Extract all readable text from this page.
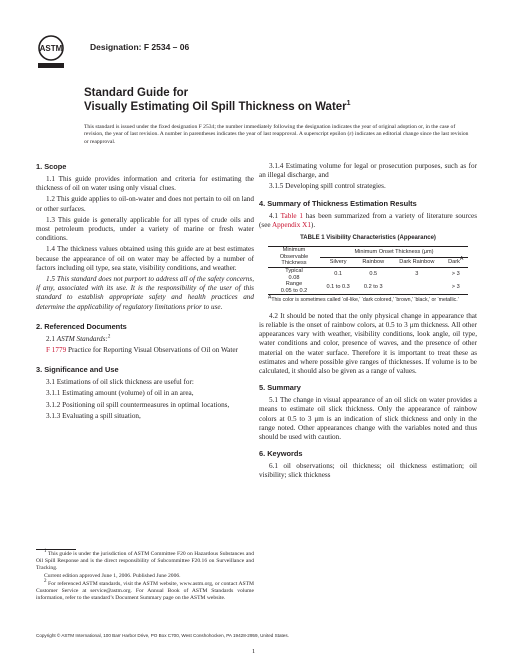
ASTM	Designation: F 2534 – 06
Standard Guide for
Visually Estimating Oil Spill Thickness on Water$^1$
This standard is issued under the fixed designation F 2534; the number immediately following the designation indicates the year of original adoption or, in the case of revision, the year of last revision. A number in parentheses indicates the year of last reapproval. A superscript epsilon (ε) indicates an editorial change since the last revision or reapproval.
1. Scope

1.1 This guide provides information and criteria for estimating the thickness of oil on water using only visual clues.

1.2 This guide applies to oil-on-water and does not pertain to oil on land or other surfaces.

1.3 This guide is generally applicable for all types of crude oils and most petroleum products, under a variety of marine or fresh water conditions.

1.4 The thickness values obtained using this guide are at best estimates because the appearance of oil on water may be affected by a number of factors including oil type, sea state, visibility conditions, and weather.

1.5 This standard does not purport to address all of the safety concerns, if any, associated with its use. It is the responsibility of the user of this standard to establish appropriate safety and health practices and determine the applicability of regulatory limitations prior to use.

2. Referenced Documents

2.1 ASTM Standards:$^2$

F 1779 Practice for Reporting Visual Observations of Oil on Water

3. Significance and Use

3.1 Estimations of oil slick thickness are useful for:

3.1.1 Estimating amount (volume) of oil in an area,

3.1.2 Positioning oil spill countermeasures in optimal locations,

3.1.3 Evaluating a spill situation,

$^1$ This guide is under the jurisdiction of ASTM Committee F20 on Hazardous Substances and Oil Spill Response and is the direct responsibility of Subcommittee F20.16 on Surveillance and Tracking.

Current edition approved June 1, 2006. Published June 2006.

$^2$ For referenced ASTM standards, visit the ASTM website, www.astm.org, or contact ASTM Customer Service at service@astm.org. For Annual Book of ASTM Standards volume information, refer to the standard’s Document Summary page on the ASTM website.

3.1.4 Estimating volume for legal or prosecution purposes, such as for an illegal discharge, and

3.1.5 Developing spill control strategies.

4. Summary of Thickness Estimation Results

4.1 Table 1 has been summarized from a variety of literature sources (see Appendix X1).

TABLE 1 Visibility Characteristics (Appearance)
Minimum Observable Thickness	Minimum Onset Thickness (μm)			
	Silvery	Rainbow	Dark Rainbow	Dark$^A$
Typical
0.08	0.1	0.5	3	> 3
Range
0.05 to 0.2	0.1 to 0.3	0.2 to 3		> 3

$^A$This color is sometimes called ‘oil-like,’ ‘dark colored,’ ‘brown,’ ‘black,’ or ‘metallic.’

4.2 It should be noted that the only physical change in appearance that is reliable is the onset of rainbow colors, at 0.5 to 3 μm thickness. All other appearances vary with weather, visibility conditions, look angle, oil type, water conditions and color, presence of waves, and the presence of other material on the water surface. Therefore it is important to treat these as estimates and where possible give ranges of thicknesses. If volume is to be calculated, it should also be given as a range of values.

5. Summary

5.1 The change in visual appearance of an oil slick on water provides a means to estimate oil slick thickness. Only the appearance of rainbow colors at 0.5 to 3 μm is an indication of slick thickness and only in the range noted. Other appearances change with the variables noted and thus should be used with caution.

6. Keywords

6.1 oil observations; oil thickness; oil thickness estimation; oil visibility; slick thickness

Copyright © ASTM International, 100 Barr Harbor Drive, PO Box C700, West Conshohocken, PA 19428-2959, United States.
1
